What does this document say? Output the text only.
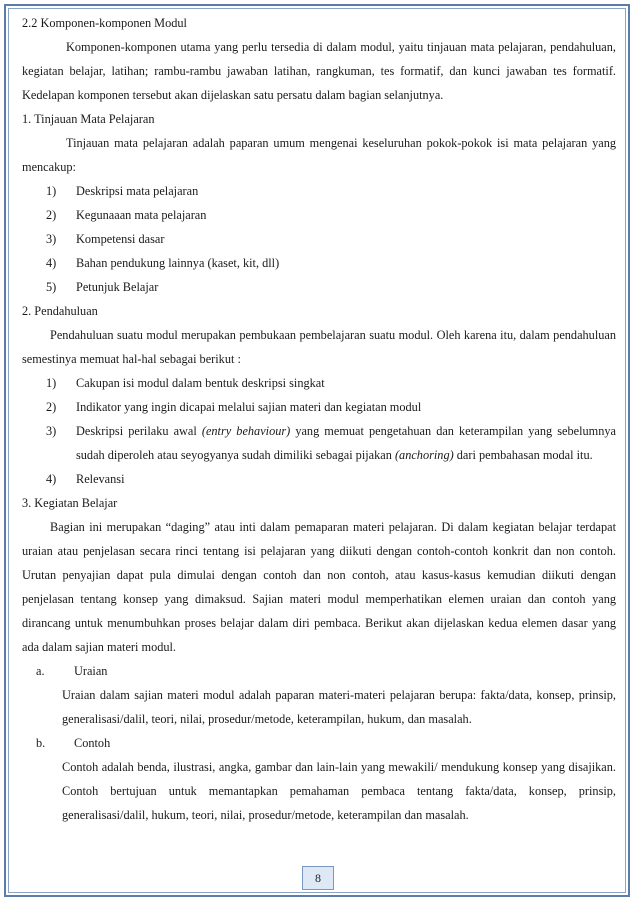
2.2 Komponen-komponen Modul

Komponen-komponen utama yang perlu tersedia di dalam modul, yaitu tinjauan mata pelajaran, pendahuluan, kegiatan belajar, latihan; rambu-rambu jawaban latihan, rangkuman, tes formatif, dan kunci jawaban tes formatif. Kedelapan komponen tersebut akan dijelaskan satu persatu dalam bagian selanjutnya.

1. Tinjauan Mata Pelajaran

Tinjauan mata pelajaran adalah paparan umum mengenai keseluruhan pokok-pokok isi mata pelajaran yang mencakup:

1)	Deskripsi mata pelajaran
2)	Kegunaaan mata pelajaran
3)	Kompetensi dasar
4)	Bahan pendukung lainnya (kaset, kit, dll)
5)	Petunjuk Belajar

2. Pendahuluan

Pendahuluan suatu modul merupakan pembukaan pembelajaran suatu modul. Oleh karena itu, dalam pendahuluan semestinya memuat hal-hal sebagai berikut :

1)	Cakupan isi modul dalam bentuk deskripsi singkat
2)	Indikator yang ingin dicapai melalui sajian materi dan kegiatan modul
3)	Deskripsi perilaku awal (entry behaviour) yang memuat pengetahuan dan keterampilan yang sebelumnya sudah diperoleh atau seyogyanya sudah dimiliki sebagai pijakan (anchoring) dari pembahasan modal itu.
4)	Relevansi

3. Kegiatan Belajar

Bagian ini merupakan “daging” atau inti dalam pemaparan materi pelajaran. Di dalam kegiatan belajar terdapat uraian atau penjelasan secara rinci tentang isi pelajaran yang diikuti dengan contoh-contoh konkrit dan non contoh. Urutan penyajian dapat pula dimulai dengan contoh dan non contoh, atau kasus-kasus kemudian diikuti dengan penjelasan tentang konsep yang dimaksud. Sajian materi modul memperhatikan elemen uraian dan contoh yang dirancang untuk menumbuhkan proses belajar dalam diri pembaca. Berikut akan dijelaskan kedua elemen dasar yang ada dalam sajian materi modul.

a.	Uraian

Uraian dalam sajian materi modul adalah paparan materi-materi pelajaran berupa: fakta/data, konsep, prinsip, generalisasi/dalil, teori, nilai, prosedur/metode, keterampilan, hukum, dan masalah.

b.	Contoh

Contoh adalah benda, ilustrasi, angka, gambar dan lain-lain yang mewakili/ mendukung konsep yang disajikan. Contoh bertujuan untuk memantapkan pemahaman pembaca tentang fakta/data, konsep, prinsip, generalisasi/dalil, hukum, teori, nilai, prosedur/metode, keterampilan dan masalah.

8
